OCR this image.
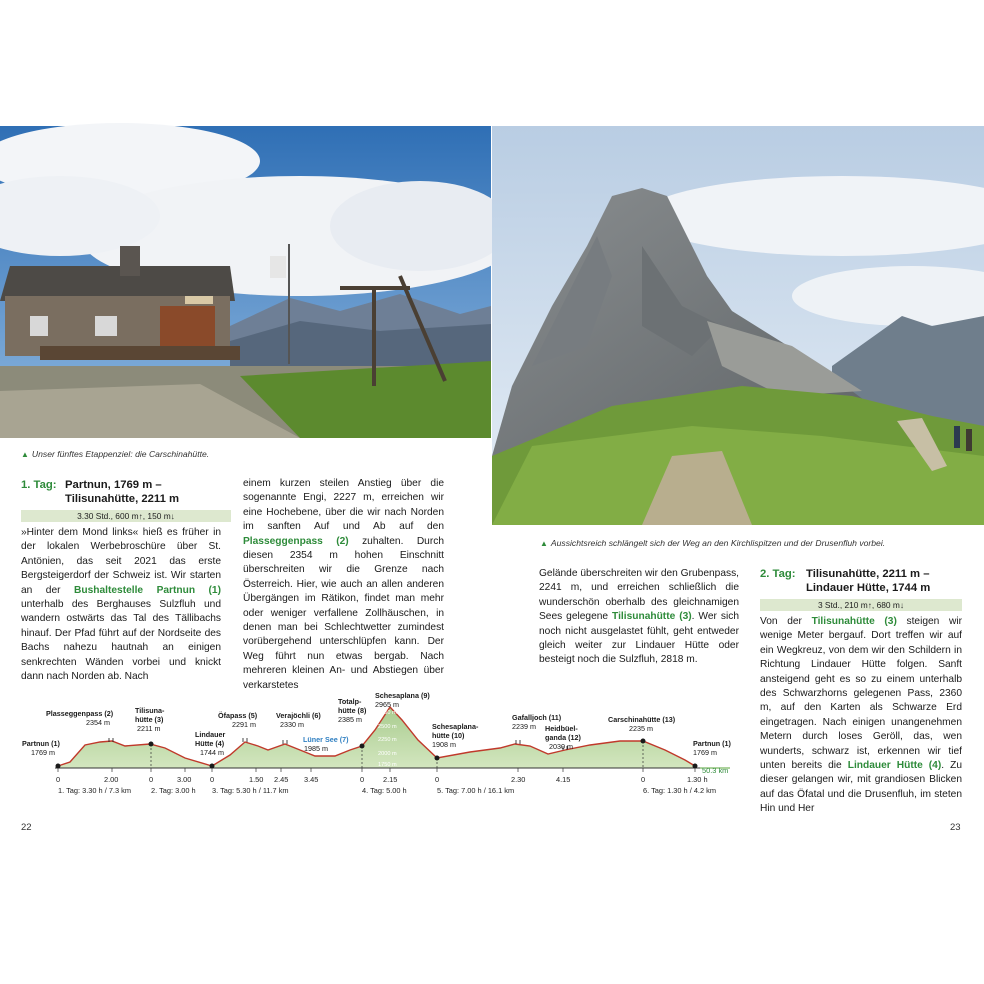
▲ Unser fünftes Etappenziel: die Carschinahütte.
▲ Aussichtsreich schlängelt sich der Weg an den Kirchlispitzen und der Drusenfluh vorbei.
1. Tag: Partnun, 1769 m –
Tilisunahütte, 2211 m
3.30 Std., 600 m↑, 150 m↓

»Hinter dem Mond links« hieß es früher in der lokalen Werbebroschüre über St. Antönien, das seit 2021 das erste Bergsteigerdorf der Schweiz ist. Wir starten an der Bushaltestelle Partnun (1) unterhalb des Berghauses Sulzfluh und wandern ostwärts das Tal des Tällibachs hinauf. Der Pfad führt auf der Nordseite des Bachs nahezu hautnah an einigen senkrechten Wänden vorbei und knickt dann nach Norden ab. Nach

einem kurzen steilen Anstieg über die sogenannte Engi, 2227 m, erreichen wir eine Hochebene, über die wir nach Norden im sanften Auf und Ab auf den Plasseggenpass (2) zuhalten. Durch diesen 2354 m hohen Einschnitt überschreiten wir die Grenze nach Österreich. Hier, wie auch an allen anderen Übergängen im Rätikon, findet man mehr oder weniger verfallene Zollhäuschen, in denen man bei Schlechtwetter zumindest vorübergehend unterschlüpfen kann. Der Weg führt nun etwas bergab. Nach mehreren kleinen An- und Abstiegen über verkarstetes

Gelände überschreiten wir den Grubenpass, 2241 m, und erreichen schließlich die wunderschön oberhalb des gleichnamigen Sees gelegene Tilisunahütte (3). Wer sich noch nicht ausgelastet fühlt, geht entweder gleich weiter zur Lindauer Hütte oder besteigt noch die Sulzfluh, 2818 m.

2. Tag: Tilisunahütte, 2211 m –
Lindauer Hütte, 1744 m
3 Std., 210 m↑, 680 m↓

Von der Tilisunahütte (3) steigen wir wenige Meter bergauf. Dort treffen wir auf ein Wegkreuz, von dem wir den Schildern in Richtung Lindauer Hütte folgen. Sanft ansteigend geht es so zu einem unterhalb des Schwarzhorns gelegenen Pass, 2360 m, auf den Karten als Schwarze Erd eingetragen. Nach einigen unangenehmen Metern durch loses Geröll, das, wen wunderts, schwarz ist, erkennen wir tief unten bereits die Lindauer Hütte (4). Zu dieser gelangen wir, mit grandiosen Blicken auf das Öfatal und die Drusenfluh, im steten Hin und Her

2750 m
2500 m
2250 m
2000 m
1750 m
Partnun (1)
1769 m
Plasseggenpass (2)
2354 m
Tilisuna-
hütte (3)
2211 m
Lindauer
Hütte (4)
1744 m
Öfapass (5)
2291 m
Verajöchli (6)
2330 m
Lüner See (7)
1985 m
Totalp-
hütte (8)
2385 m
Schesaplana (9)
2965 m
Schesaplana-
hütte (10)
1908 m
Gafalljoch (11)
2239 m Heidbüel-
ganda (12)
2030 m
Carschinahütte (13)
2235 m
Partnun (1)
1769 m
0	2.00	0	3.00	0	1.50 2.45 3.45	0	2.15	0	2.30	4.15	0	1.30 h
50.3 km
1. Tag: 3.30 h / 7.3 km	2. Tag: 3.00 h 3. Tag: 5.30 h / 11.7 km	4. Tag: 5.00 h	5. Tag: 7.00 h / 16.1 km	6. Tag: 1.30 h / 4.2 km
22	23
